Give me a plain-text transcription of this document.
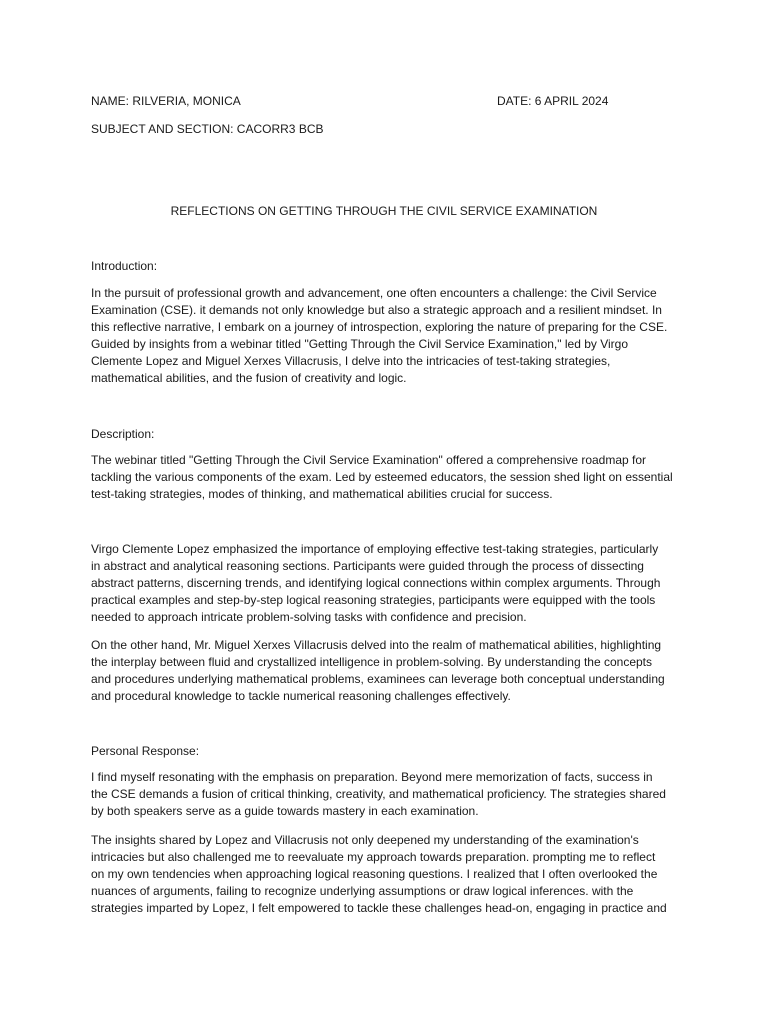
NAME: RILVERIA, MONICA	DATE: 6 APRIL 2024
SUBJECT AND SECTION: CACORR3 BCB
REFLECTIONS ON GETTING THROUGH THE CIVIL SERVICE EXAMINATION
Introduction:

In the pursuit of professional growth and advancement, one often encounters a challenge: the Civil Service
Examination (CSE). it demands not only knowledge but also a strategic approach and a resilient mindset. In
this reflective narrative, I embark on a journey of introspection, exploring the nature of preparing for the CSE.
Guided by insights from a webinar titled "Getting Through the Civil Service Examination," led by Virgo
Clemente Lopez and Miguel Xerxes Villacrusis, I delve into the intricacies of test-taking strategies,
mathematical abilities, and the fusion of creativity and logic.

Description:

The webinar titled "Getting Through the Civil Service Examination" offered a comprehensive roadmap for
tackling the various components of the exam. Led by esteemed educators, the session shed light on essential
test-taking strategies, modes of thinking, and mathematical abilities crucial for success.

Virgo Clemente Lopez emphasized the importance of employing effective test-taking strategies, particularly
in abstract and analytical reasoning sections. Participants were guided through the process of dissecting
abstract patterns, discerning trends, and identifying logical connections within complex arguments. Through
practical examples and step-by-step logical reasoning strategies, participants were equipped with the tools
needed to approach intricate problem-solving tasks with confidence and precision.

On the other hand, Mr. Miguel Xerxes Villacrusis delved into the realm of mathematical abilities, highlighting
the interplay between fluid and crystallized intelligence in problem-solving. By understanding the concepts
and procedures underlying mathematical problems, examinees can leverage both conceptual understanding
and procedural knowledge to tackle numerical reasoning challenges effectively.

Personal Response:

I find myself resonating with the emphasis on preparation. Beyond mere memorization of facts, success in
the CSE demands a fusion of critical thinking, creativity, and mathematical proficiency. The strategies shared
by both speakers serve as a guide towards mastery in each examination.

The insights shared by Lopez and Villacrusis not only deepened my understanding of the examination's
intricacies but also challenged me to reevaluate my approach towards preparation. prompting me to reflect
on my own tendencies when approaching logical reasoning questions. I realized that I often overlooked the
nuances of arguments, failing to recognize underlying assumptions or draw logical inferences. with the
strategies imparted by Lopez, I felt empowered to tackle these challenges head-on, engaging in practice and
